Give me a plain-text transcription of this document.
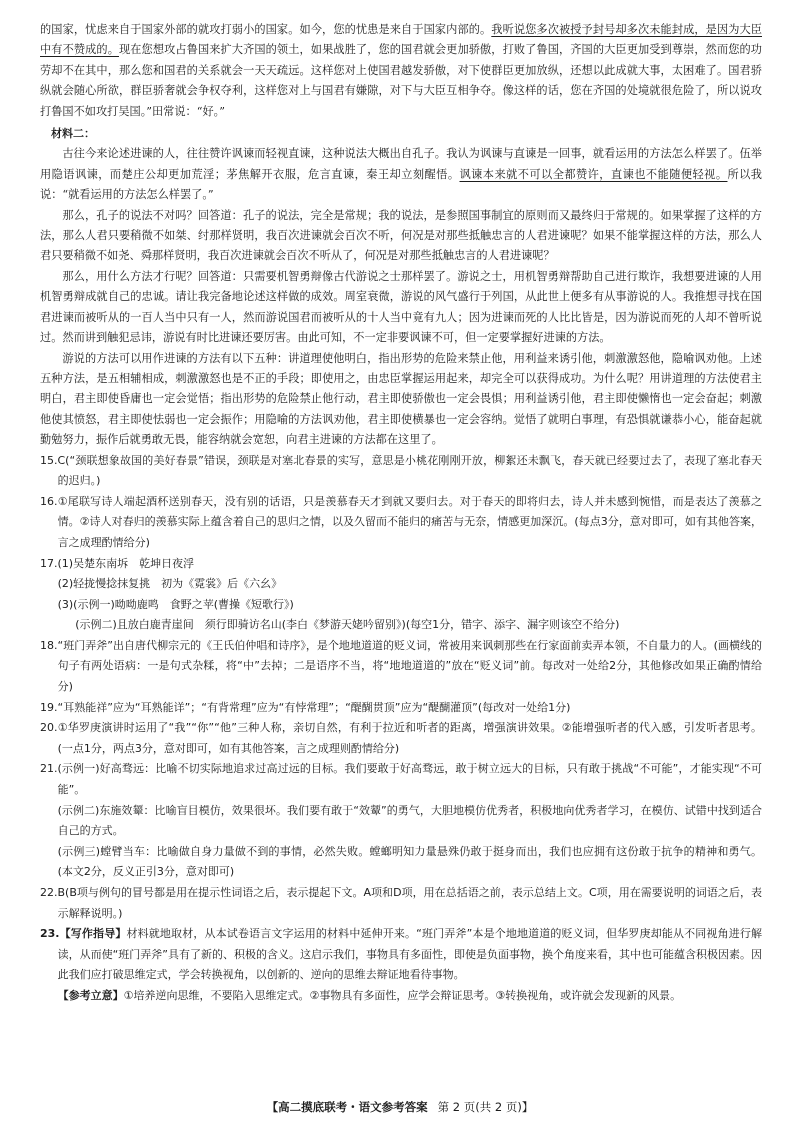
的国家，忧虑来自于国家外部的就攻打弱小的国家。如今，您的忧患是来自于国家内部的。我听说您多次被授予封号却多次未能封成，是因为大臣中有不赞成的。现在您想攻占鲁国来扩大齐国的领土，如果战胜了，您的国君就会更加骄傲，打败了鲁国，齐国的大臣更加受到尊崇，然而您的功劳却不在其中，那么您和国君的关系就会一天天疏远。这样您对上使国君越发骄傲，对下使群臣更加放纵，还想以此成就大事，太困难了。国君骄纵就会随心所欲，群臣骄奢就会争权夺利，这样您对上与国君有嫌隙，对下与大臣互相争夺。像这样的话，您在齐国的处境就很危险了，所以说攻打鲁国不如攻打吴国。”田常说：“好。”

材料二：

古往今来论述进谏的人，往往赞许讽谏而轻视直谏，这种说法大概出自孔子。我认为讽谏与直谏是一回事，就看运用的方法怎么样罢了。伍举用隐语讽谏，而楚庄公却更加荒淫；茅焦解开衣服，危言直谏，秦王却立刻醒悟。讽谏本来就不可以全都赞许，直谏也不能随便轻视。所以我说：“就看运用的方法怎么样罢了。”

那么，孔子的说法不对吗？回答道：孔子的说法，完全是常规；我的说法，是参照国事制宜的原则而又最终归于常规的。如果掌握了这样的方法，那么人君只要稍微不如桀、纣那样贤明，我百次进谏就会百次不听，何况是对那些抵触忠言的人君进谏呢？如果不能掌握这样的方法，那么人君只要稍微不如尧、舜那样贤明，我百次进谏就会百次不听从了，何况是对那些抵触忠言的人君进谏呢？

那么，用什么方法才行呢？回答道：只需要机智勇辩像古代游说之士那样罢了。游说之士，用机智勇辩帮助自己进行欺诈，我想要进谏的人用机智勇辩成就自己的忠诚。请让我完备地论述这样做的成效。周室衰微，游说的风气盛行于列国，从此世上便多有从事游说的人。我推想寻找在国君进谏而被听从的一百人当中只有一人，然而游说国君而被听从的十人当中竟有九人；因为进谏而死的人比比皆是，因为游说而死的人却不曾听说过。然而讲到触犯忌讳，游说有时比进谏还要厉害。由此可知，不一定非要讽谏不可，但一定要掌握好进谏的方法。

游说的方法可以用作进谏的方法有以下五种：讲道理使他明白，指出形势的危险来禁止他，用利益来诱引他，刺激激怒他，隐喻讽劝他。上述五种方法，是五相辅相成，刺激激怒也是不正的手段；即使用之，由忠臣掌握运用起来，却完全可以获得成功。为什么呢？用讲道理的方法使君主明白，君主即使昏庸也一定会觉悟；指出形势的危险禁止他行动，君主即使骄傲也一定会畏惧；用利益诱引他，君主即使懒惰也一定会奋起；刺激他使其愤怒，君主即使怯弱也一定会振作；用隐喻的方法讽劝他，君主即使横暴也一定会容纳。觉悟了就明白事理，有恐惧就谦恭小心，能奋起就勤勉努力，振作后就勇敢无畏，能容纳就会宽恕，向君主进谏的方法都在这里了。

15.C(“颈联想象故国的美好春景”错误，颈联是对塞北春景的实写，意思是小桃花刚刚开放，柳絮还未飘飞，春天就已经要过去了，表现了塞北春天的迟归。)

16.①尾联写诗人端起酒杯送别春天，没有别的话语，只是羡慕春天才到就又要归去。对于春天的即将归去，诗人并未感到惋惜，而是表达了羡慕之情。②诗人对春归的羡慕实际上蕴含着自己的思归之情，以及久留而不能归的痛苦与无奈，情感更加深沉。(每点3分，意对即可，如有其他答案，言之成理酌情给分)

17.(1)吴楚东南坼　乾坤日夜浮

(2)轻拢慢捻抹复挑　初为《霓裳》后《六幺》

(3)(示例一)呦呦鹿鸣　食野之苹(曹操《短歌行》)

(示例二)且放白鹿青崖间　须行即骑访名山(李白《梦游天姥吟留别》)(每空1分，错字、添字、漏字则该空不给分)

18.“班门弄斧”出自唐代柳宗元的《王氏伯仲唱和诗序》，是个地地道道的贬义词，常被用来讽刺那些在行家面前卖弄本领，不自量力的人。(画横线的句子有两处语病：一是句式杂糅，将“中”去掉；二是语序不当，将“地地道道的”放在“贬义词”前。每改对一处给2分，其他修改如果正确酌情给分)

19.“耳熟能祥”应为“耳熟能详”；“有背常理”应为“有悖常理”；“醍醐贯顶”应为“醍醐灌顶”(每改对一处给1分)

20.①华罗庚演讲时运用了“我”“你”“他”三种人称，亲切自然，有利于拉近和听者的距离，增强演讲效果。②能增强听者的代入感，引发听者思考。(一点1分，两点3分，意对即可，如有其他答案，言之成理则酌情给分)

21.(示例一)好高骛远：比喻不切实际地追求过高过远的目标。我们要敢于好高骛远，敢于树立远大的目标，只有敢于挑战“不可能”，才能实现“不可能”。

(示例二)东施效颦：比喻盲目模仿，效果很坏。我们要有敢于“效颦”的勇气，大胆地模仿优秀者，积极地向优秀者学习，在模仿、试错中找到适合自己的方式。

(示例三)螳臂当车：比喻做自身力量做不到的事情，必然失败。螳螂明知力量悬殊仍敢于挺身而出，我们也应拥有这份敢于抗争的精神和勇气。(本文2分，反义正引3分，意对即可)

22.B(B项与例句的冒号都是用在提示性词语之后，表示提起下文。A项和D项，用在总括语之前，表示总结上文。C项，用在需要说明的词语之后，表示解释说明。)

23.【写作指导】材料就地取材，从本试卷语言文字运用的材料中延伸开来。“班门弄斧”本是个地地道道的贬义词，但华罗庚却能从不同视角进行解读，从而使“班门弄斧”具有了新的、积极的含义。这启示我们，事物具有多面性，即使是负面事物，换个角度来看，其中也可能蕴含积极因素。因此我们应打破思维定式，学会转换视角，以创新的、逆向的思维去辩证地看待事物。

【参考立意】①培养逆向思维，不要陷入思维定式。②事物具有多面性，应学会辩证思考。③转换视角，或许就会发现新的风景。

【高二摸底联考・语文参考答案 第 2 页(共 2 页)】
